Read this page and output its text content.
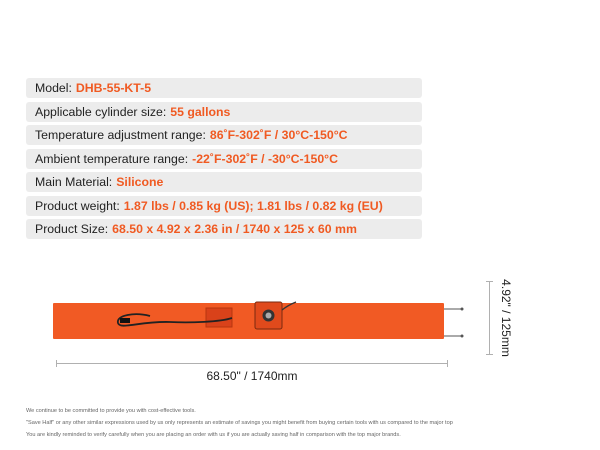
Model: DHB-55-KT-5
Applicable cylinder size: 55 gallons
Temperature adjustment range: 86˚F-302˚F / 30°C-150°C
Ambient temperature range: -22˚F-302˚F / -30°C-150°C
Main Material: Silicone
Product weight: 1.87 lbs / 0.85 kg (US); 1.81 lbs / 0.82 kg (EU)
Product Size: 68.50 x 4.92 x 2.36 in / 1740 x 125 x 60 mm
68.50" / 1740mm
4.92" / 125mm
We continue to be committed to provide you with cost-effective tools.
"Save Half" or any other similar expressions used by us only represents an estimate of savings you might benefit from buying certain tools with us compared to the major top
You are kindly reminded to verify carefully when you are placing an order with us if you are actually saving half in comparison with the top major brands.
